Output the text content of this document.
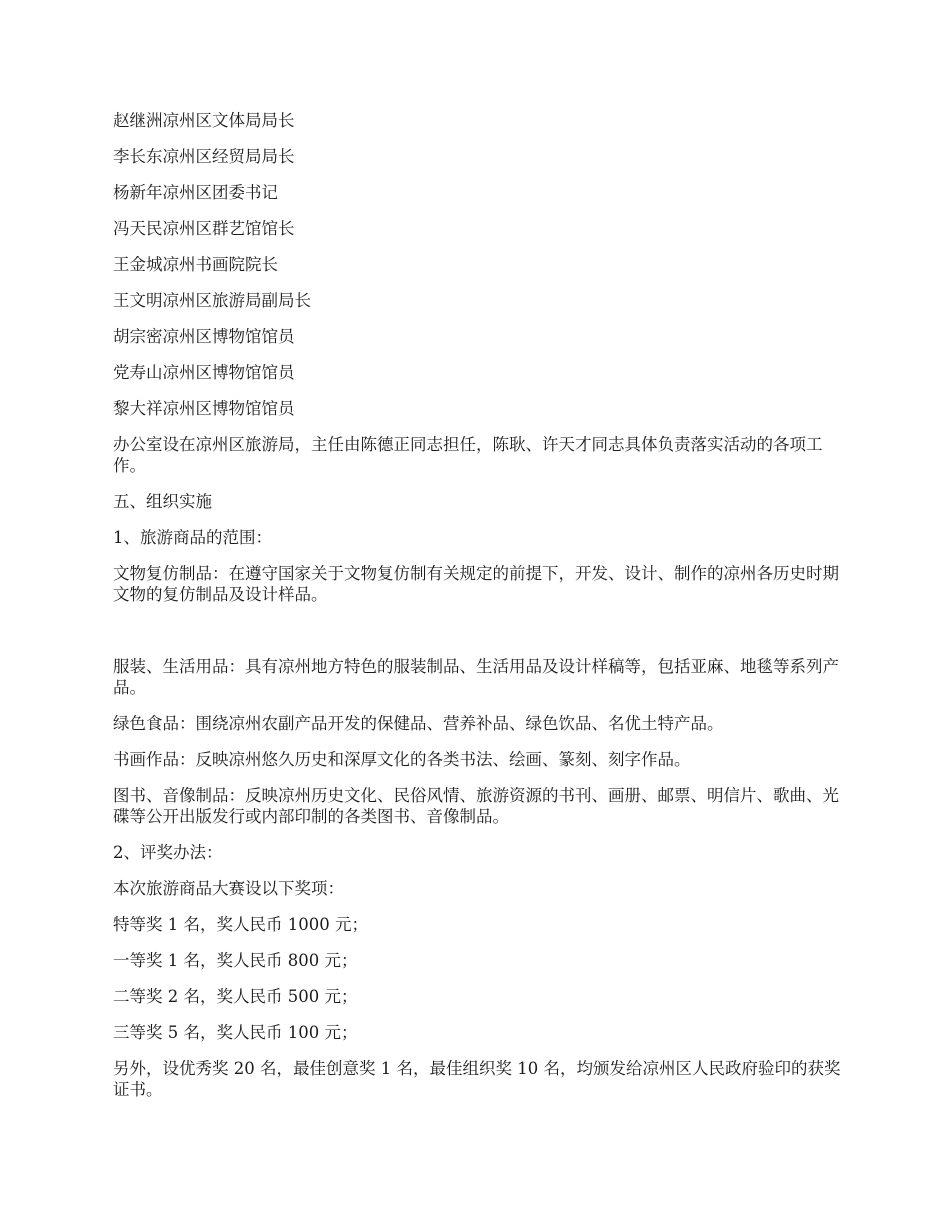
赵继洲凉州区文体局局长

李长东凉州区经贸局局长

杨新年凉州区团委书记

冯天民凉州区群艺馆馆长

王金城凉州书画院院长

王文明凉州区旅游局副局长

胡宗密凉州区博物馆馆员

党寿山凉州区博物馆馆员

黎大祥凉州区博物馆馆员

办公室设在凉州区旅游局，主任由陈德正同志担任，陈耿、许天才同志具体负责落实活动的各项工作。

五、组织实施

1、旅游商品的范围：

文物复仿制品：在遵守国家关于文物复仿制有关规定的前提下，开发、设计、制作的凉州各历史时期文物的复仿制品及设计样品。

服装、生活用品：具有凉州地方特色的服装制品、生活用品及设计样稿等，包括亚麻、地毯等系列产品。

绿色食品：围绕凉州农副产品开发的保健品、营养补品、绿色饮品、名优土特产品。

书画作品：反映凉州悠久历史和深厚文化的各类书法、绘画、篆刻、刻字作品。

图书、音像制品：反映凉州历史文化、民俗风情、旅游资源的书刊、画册、邮票、明信片、歌曲、光碟等公开出版发行或内部印制的各类图书、音像制品。

2、评奖办法：

本次旅游商品大赛设以下奖项：

特等奖 1 名，奖人民币 1000 元；

一等奖 1 名，奖人民币 800 元；

二等奖 2 名，奖人民币 500 元；

三等奖 5 名，奖人民币 100 元；

另外，设优秀奖 20 名，最佳创意奖 1 名，最佳组织奖 10 名，均颁发给凉州区人民政府验印的获奖证书。
